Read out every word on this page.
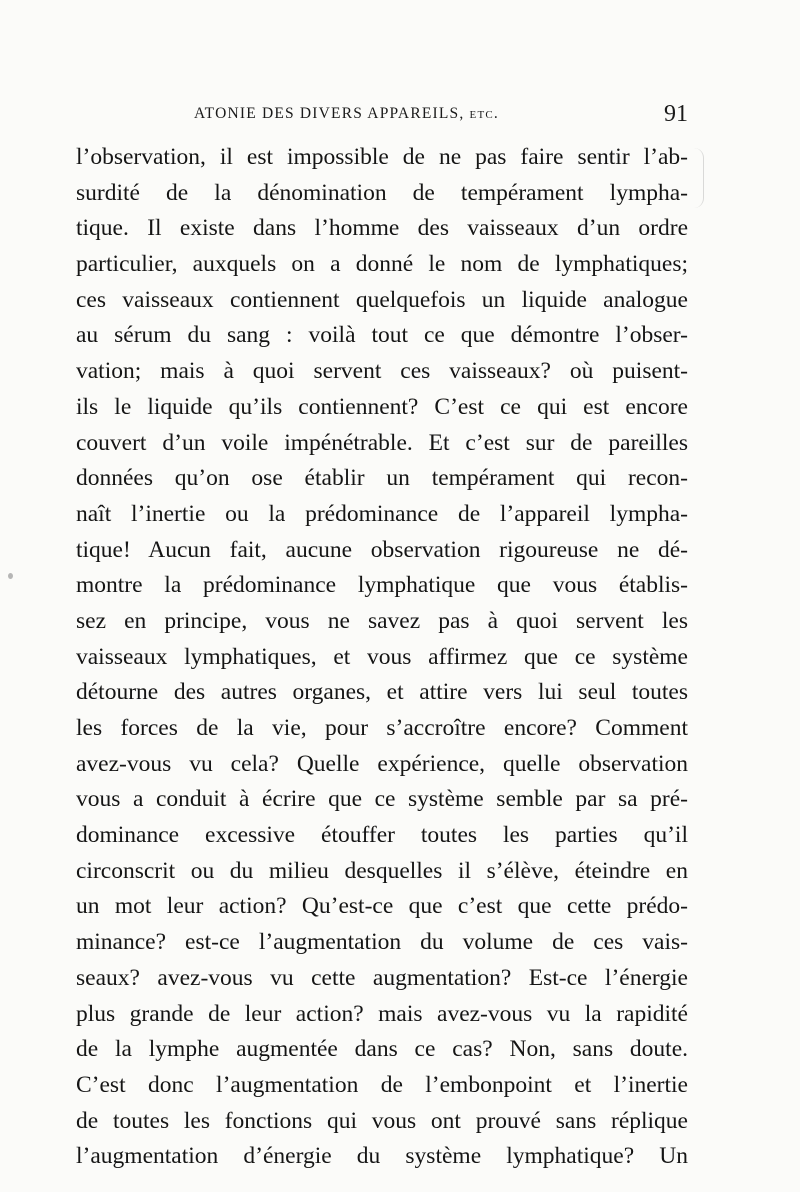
ATONIE DES DIVERS APPAREILS, etc.	91
l’observation, il est impossible de ne pas faire sentir l’ab-
surdité de la dénomination de tempérament lympha-
tique. Il existe dans l’homme des vaisseaux d’un ordre
particulier, auxquels on a donné le nom de lymphatiques;
ces vaisseaux contiennent quelquefois un liquide analogue
au sérum du sang : voilà tout ce que démontre l’obser-
vation; mais à quoi servent ces vaisseaux? où puisent-
ils le liquide qu’ils contiennent? C’est ce qui est encore
couvert d’un voile impénétrable. Et c’est sur de pareilles
données qu’on ose établir un tempérament qui recon-
naît l’inertie ou la prédominance de l’appareil lympha-
tique! Aucun fait, aucune observation rigoureuse ne dé-
montre la prédominance lymphatique que vous établis-
sez en principe, vous ne savez pas à quoi servent les
vaisseaux lymphatiques, et vous affirmez que ce système
détourne des autres organes, et attire vers lui seul toutes
les forces de la vie, pour s’accroître encore? Comment
avez-vous vu cela? Quelle expérience, quelle observation
vous a conduit à écrire que ce système semble par sa pré-
dominance excessive étouffer toutes les parties qu’il
circonscrit ou du milieu desquelles il s’élève, éteindre en
un mot leur action? Qu’est-ce que c’est que cette prédo-
minance? est-ce l’augmentation du volume de ces vais-
seaux? avez-vous vu cette augmentation? Est-ce l’énergie
plus grande de leur action? mais avez-vous vu la rapidité
de la lymphe augmentée dans ce cas? Non, sans doute.
C’est donc l’augmentation de l’embonpoint et l’inertie
de toutes les fonctions qui vous ont prouvé sans réplique
l’augmentation d’énergie du système lymphatique? Un
